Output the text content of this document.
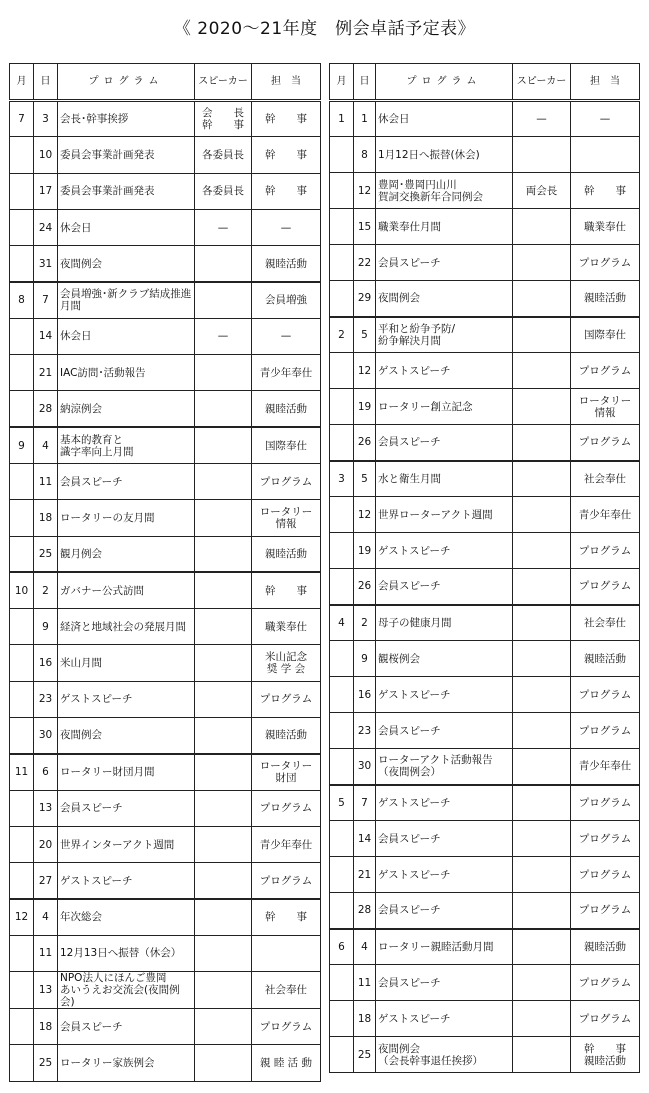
《 2020～21年度　例会卓話予定表》
月	日	プログラム	スピーカー	担　当

7	3	会長･幹事挨拶	会　　長
幹　　事	幹　　事

	10	委員会事業計画発表	各委員長	幹　　事

	17	委員会事業計画発表	各委員長	幹　　事

	24	休会日	—	—

	31	夜間例会		親睦活動

8	7	会員増強･新クラブ結成推進
月間		会員増強

	14	休会日	—	—

	21	IAC訪問･活動報告		青少年奉仕

	28	納涼例会		親睦活動

9	4	基本的教育と
識字率向上月間		国際奉仕

	11	会員スピーチ		プログラム

	18	ロータリーの友月間		ロータリー
情報

	25	観月例会		親睦活動

10	2	ガバナー公式訪問		幹　　事

	9	経済と地域社会の発展月間		職業奉仕

	16	米山月間		米山記念
奨 学 会

	23	ゲストスピーチ		プログラム

	30	夜間例会		親睦活動

11	6	ロータリー財団月間		ロータリー
財団

	13	会員スピーチ		プログラム

	20	世界インターアクト週間		青少年奉仕

	27	ゲストスピーチ		プログラム

12	4	年次総会		幹　　事

	11	12月13日へ振替（休会）		

	13	NPO法人にほんご豊岡
あいうえお交流会(夜間例会)		社会奉仕

	18	会員スピーチ		プログラム

	25	ロータリー家族例会		親 睦 活 動
月	日	プログラム	スピーカー	担　当

1	1	休会日	—	—

	8	1月12日へ振替(休会)		

	12	豊岡･豊岡円山川
賀詞交換新年合同例会	両会長	幹　　事

	15	職業奉仕月間		職業奉仕

	22	会員スピーチ		プログラム

	29	夜間例会		親睦活動

2	5	平和と紛争予防/
紛争解決月間		国際奉仕

	12	ゲストスピーチ		プログラム

	19	ロータリー創立記念		ロータリー
情報

	26	会員スピーチ		プログラム

3	5	水と衛生月間		社会奉仕

	12	世界ローターアクト週間		青少年奉仕

	19	ゲストスピーチ		プログラム

	26	会員スピーチ		プログラム

4	2	母子の健康月間		社会奉仕

	9	観桜例会		親睦活動

	16	ゲストスピーチ		プログラム

	23	会員スピーチ		プログラム

	30	ローターアクト活動報告
（夜間例会）		青少年奉仕

5	7	ゲストスピーチ		プログラム

	14	会員スピーチ		プログラム

	21	ゲストスピーチ		プログラム

	28	会員スピーチ		プログラム

6	4	ロータリー親睦活動月間		親睦活動

	11	会員スピーチ		プログラム

	18	ゲストスピーチ		プログラム

	25	夜間例会
（会長幹事退任挨拶）		幹　　事
親睦活動
